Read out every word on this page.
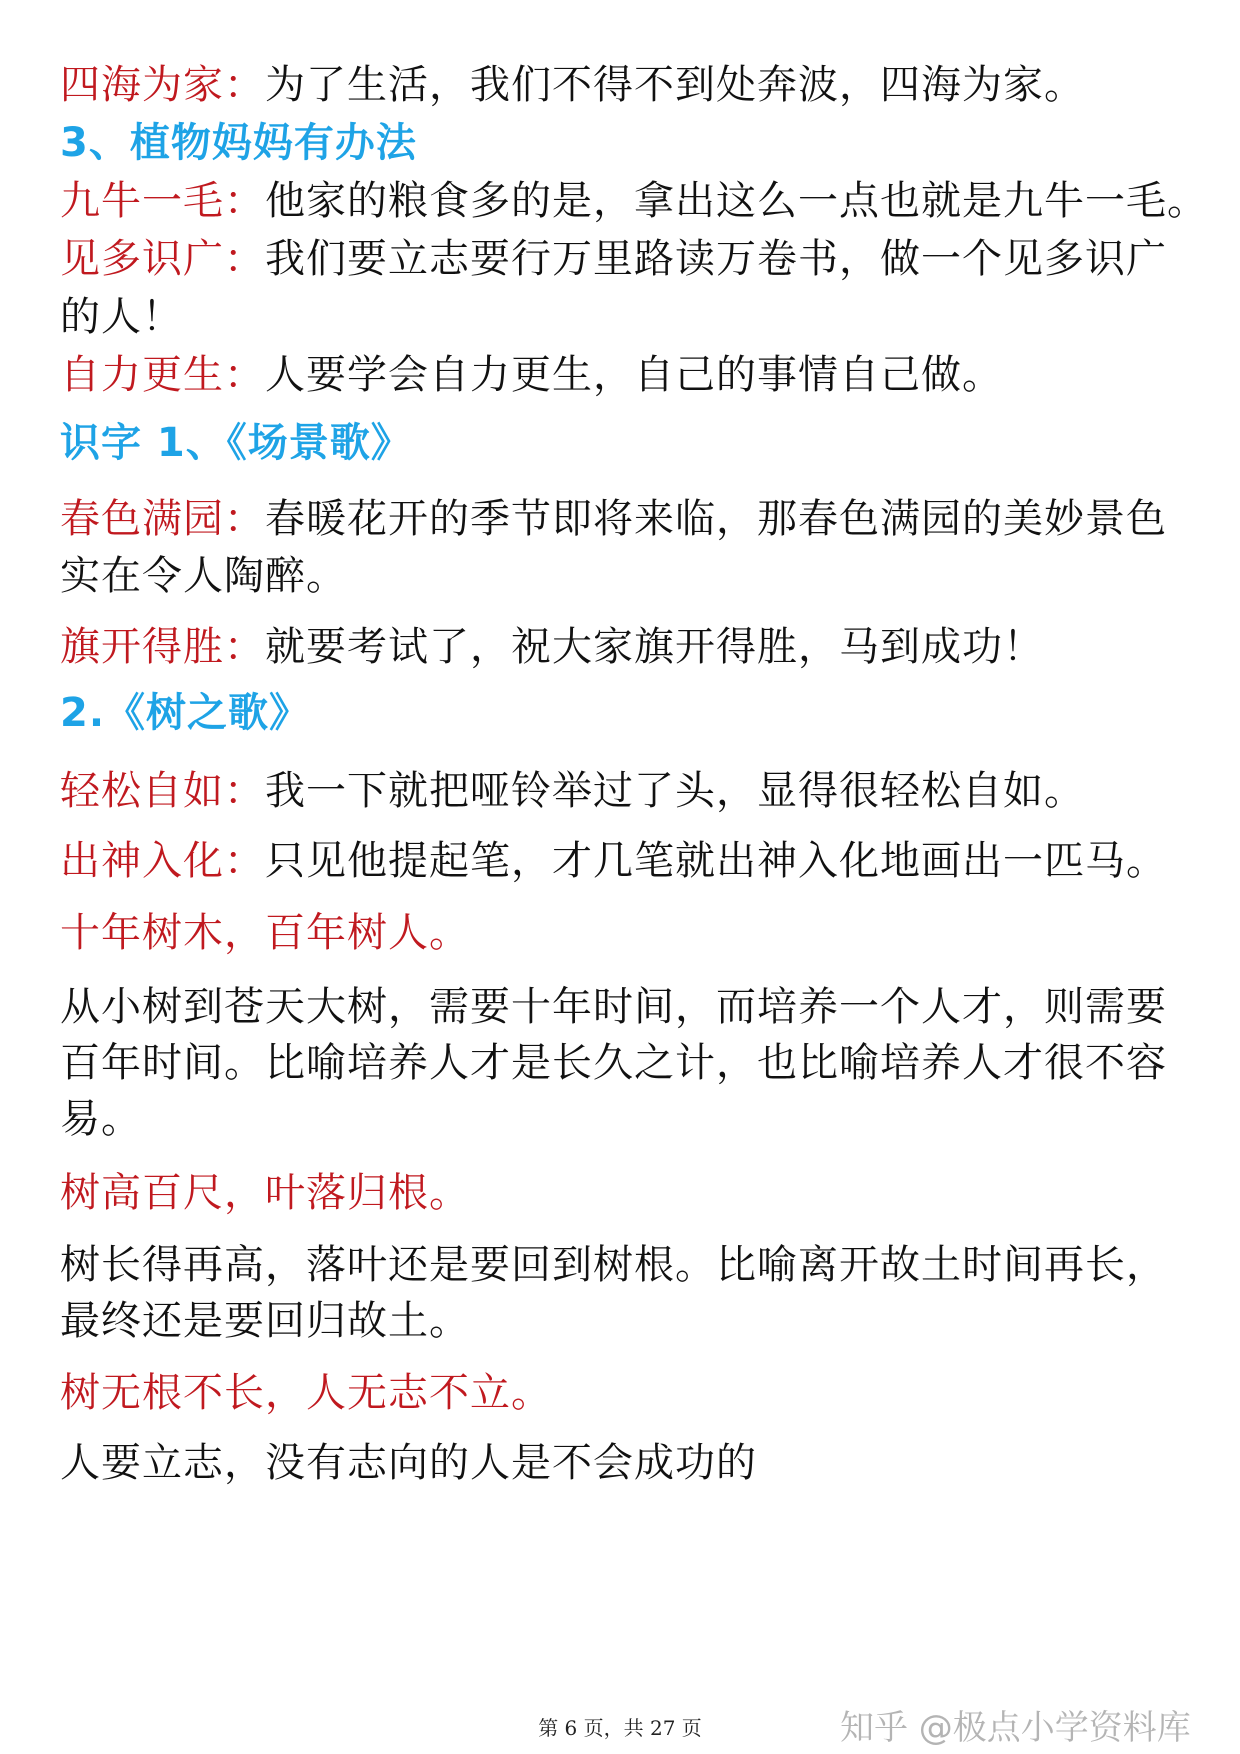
四海为家：为了生活，我们不得不到处奔波，四海为家。
3、植物妈妈有办法
九牛一毛：他家的粮食多的是，拿出这么一点也就是九牛一毛。
见多识广：我们要立志要行万里路读万卷书，做一个见多识广
的人！
自力更生：人要学会自力更生，自己的事情自己做。
识字 1、《场景歌》
春色满园：春暖花开的季节即将来临，那春色满园的美妙景色
实在令人陶醉。
旗开得胜：就要考试了，祝大家旗开得胜，马到成功！
2.《树之歌》
轻松自如：我一下就把哑铃举过了头，显得很轻松自如。
出神入化：只见他提起笔，才几笔就出神入化地画出一匹马。
十年树木，百年树人。
从小树到苍天大树，需要十年时间，而培养一个人才，则需要
百年时间。比喻培养人才是长久之计，也比喻培养人才很不容
易。
树高百尺，叶落归根。
树长得再高，落叶还是要回到树根。比喻离开故土时间再长，
最终还是要回归故土。
树无根不长，人无志不立。
人要立志，没有志向的人是不会成功的
第 6 页，共 27 页	知乎 @极点小学资料库
